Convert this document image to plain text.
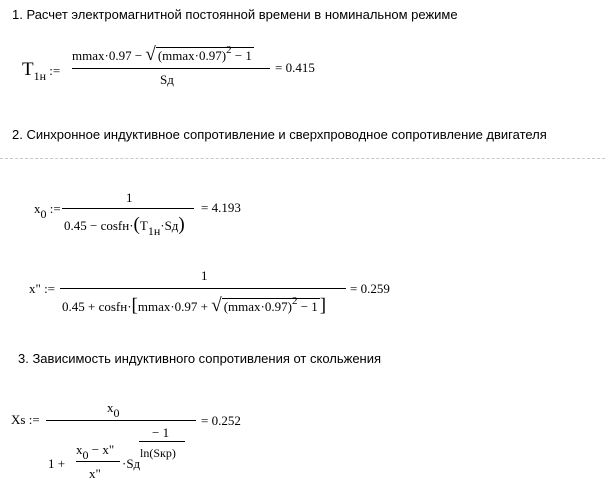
1. Расчет электромагнитной постоянной времени в номинальном режиме
T1н :=
mmax·0.97 − √ $(mmax\cdot 0.97)^2 - 1$
Sд
= 0.415
2. Синхронное индуктивное сопротивление и сверхпроводное сопротивление двигателя
x0 :=
1
0.45 − cosfн·(T1н·Sд)
= 4.193
x" :=
1
0.45 + cosfн·[mmax·0.97 + √ $(mmax\cdot 0.97)^2 - 1$ ]
= 0.259
3. Зависимость индуктивного сопротивления от скольжения
Xs :=
x0
1 +
x0 − x"
x"
·Sд
− 1
ln(Sкр)
= 0.252
